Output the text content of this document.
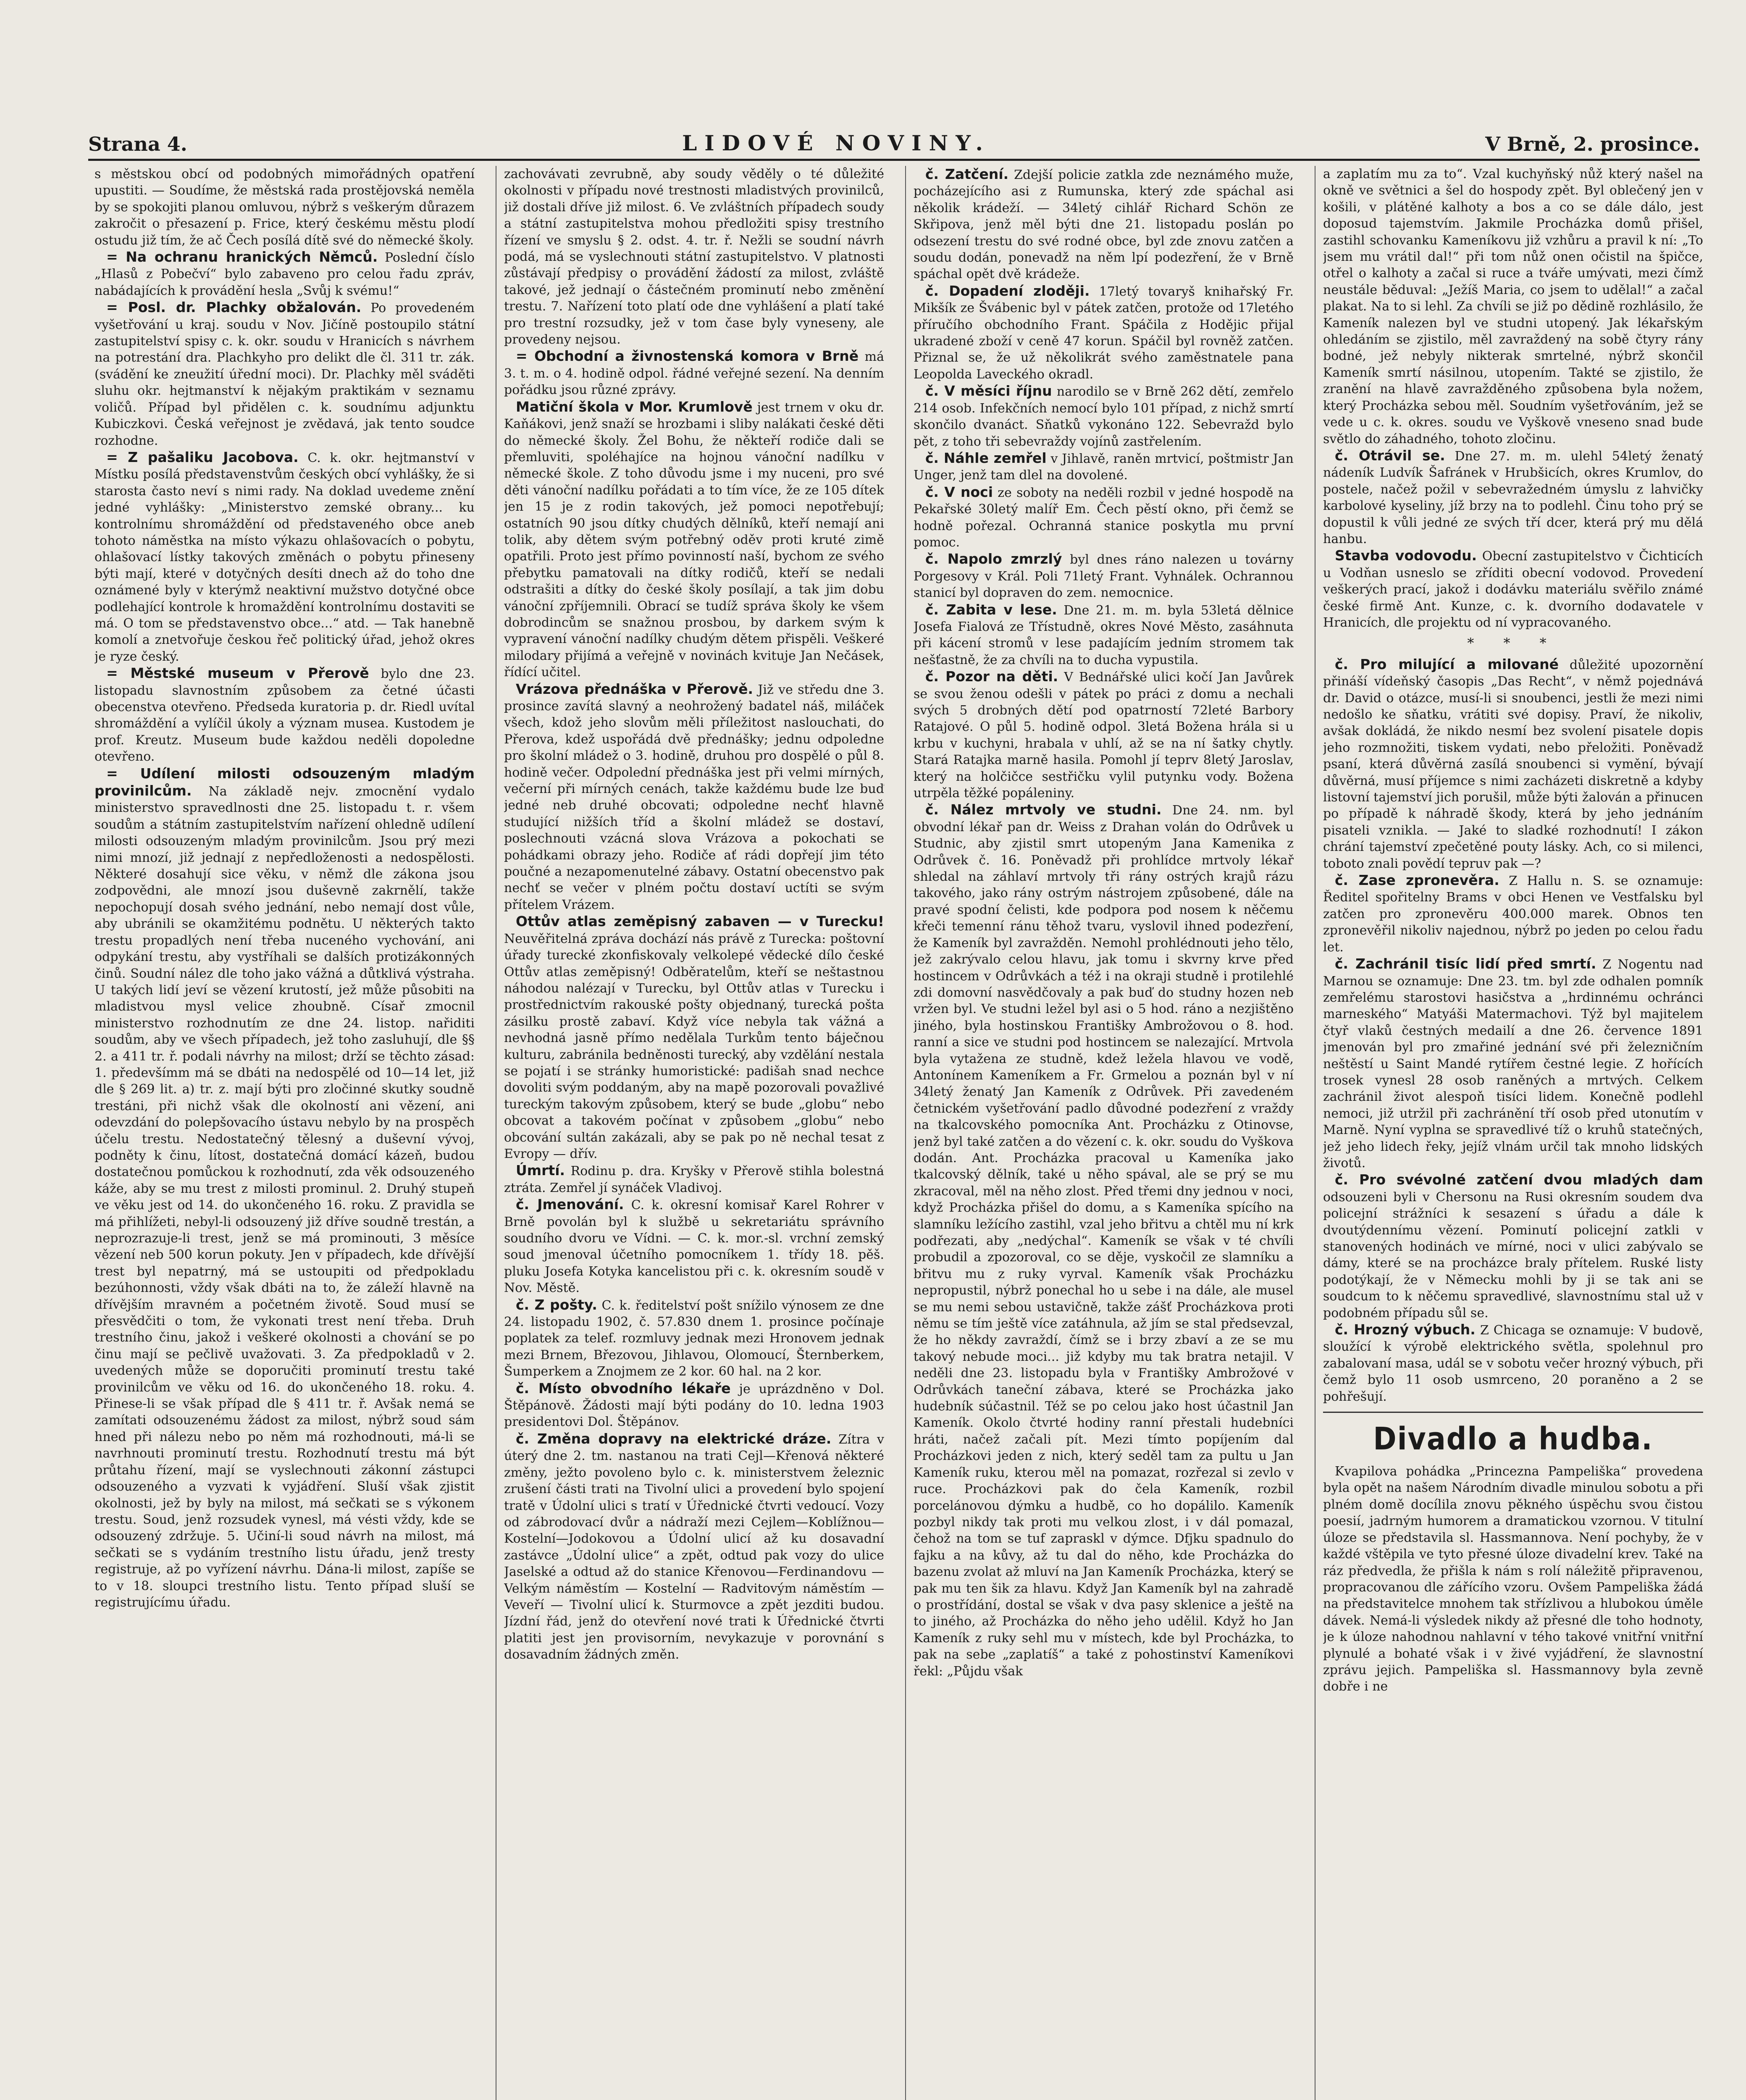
Strana 4.	LIDOVÉ NOVINY.	V Brně, 2. prosince.

s městskou obcí od podobných mimořádných opatření upustiti. — Soudíme, že městská rada prostějovská neměla by se spokojiti planou omluvou, nýbrž s veškerým důrazem zakročit o přesazení p. Frice, který českému městu plodí ostudu již tím, že ač Čech posílá dítě své do německé školy.

= Na ochranu hranických Němců. Poslední číslo „Hlasů z Pobečví“ bylo zabaveno pro celou řadu zpráv, nabádajících k provádění hesla „Svůj k svému!“

= Posl. dr. Plachky obžalován. Po provedeném vyšetřování u kraj. soudu v Nov. Jičíně postoupilo státní zastupitelství spisy c. k. okr. soudu v Hranicích s návrhem na potrestání dra. Plachkyho pro delikt dle čl. 311 tr. zák. (svádění ke zneužití úřední moci). Dr. Plachky měl sváděti sluhu okr. hejtmanství k nějakým praktikám v seznamu voličů. Případ byl přidělen c. k. soudnímu adjunktu Kubiczkovi. Česká veřejnost je zvědavá, jak tento soudce rozhodne.

= Z pašaliku Jacobova. C. k. okr. hejtmanství v Místku posílá představenstvům českých obcí vyhlášky, že si starosta často neví s nimi rady. Na doklad uvedeme znění jedné vyhlášky: „Ministerstvo zemské obrany... ku kontrolnímu shromáždění od představeného obce aneb tohoto náměstka na místo výkazu ohlašovacích o pobytu, ohlašovací lístky takových změnách o pobytu přineseny býti mají, které v dotyčných desíti dnech až do toho dne oznámené byly v kterýmž neaktivní mužstvo dotyčné obce podlehající kontrole k hromaždění kontrolnímu dostaviti se má. O tom se představenstvo obce...“ atd. — Tak hanebně komolí a znetvořuje českou řeč politický úřad, jehož okres je ryze český.

= Městské museum v Přerově bylo dne 23. listopadu slavnostním způsobem za četné účasti obecenstva otevřeno. Předseda kuratoria p. dr. Riedl uvítal shromáždění a vylíčil úkoly a význam musea. Kustodem je prof. Kreutz. Museum bude každou neděli dopoledne otevřeno.

= Udílení milosti odsouzeným mladým provinilcům. Na základě nejv. zmocnění vydalo ministerstvo spravedlnosti dne 25. listopadu t. r. všem soudům a státním zastupitelstvím nařízení ohledně udílení milosti odsouzeným mladým provinilcům. Jsou prý mezi nimi mnozí, již jednají z nepředloženosti a nedospělosti. Některé dosahují sice věku, v němž dle zákona jsou zodpovědni, ale mnozí jsou duševně zakrnělí, takže nepochopují dosah svého jednání, nebo nemají dost vůle, aby ubránili se okamžitému podnětu. U některých takto trestu propadlých není třeba nuceného vychování, ani odpykání trestu, aby vystříhali se dalších protizákonných činů. Soudní nález dle toho jako vážná a důtklivá výstraha. U takých lidí jeví se vězení krutostí, jež může působiti na mladistvou mysl velice zhoubně. Císař zmocnil ministerstvo rozhodnutím ze dne 24. listop. nařiditi soudům, aby ve všech případech, jež toho zasluhují, dle §§ 2. a 411 tr. ř. podali návrhy na milost; drží se těchto zásad: 1. předevšímm má se dbáti na nedospělé od 10—14 let, již dle § 269 lit. a) tr. z. mají býti pro zločinné skutky soudně trestáni, při nichž však dle okolností ani vězení, ani odevzdání do polepšovacího ústavu nebylo by na prospěch účelu trestu. Nedostatečný tělesný a duševní vývoj, podněty k činu, lítost, dostatečná domácí kázeň, budou dostatečnou pomůckou k rozhodnutí, zda věk odsouzeného káže, aby se mu trest z milosti prominul. 2. Druhý stupeň ve věku jest od 14. do ukončeného 16. roku. Z pravidla se má přihlížeti, nebyl-li odsouzený již dříve soudně trestán, a neprozrazuje-li trest, jenž se má prominouti, 3 měsíce vězení neb 500 korun pokuty. Jen v případech, kde dřívější trest byl nepatrný, má se ustoupiti od předpokladu bezúhonnosti, vždy však dbáti na to, že záleží hlavně na dřívějším mravném a početném životě. Soud musí se přesvědčiti o tom, že vykonati trest není třeba. Druh trestního činu, jakož i veškeré okolnosti a chování se po činu mají se pečlivě uvažovati. 3. Za předpokladů v 2. uvedených může se doporučiti prominutí trestu také provinilcům ve věku od 16. do ukončeného 18. roku. 4. Přinese-li se však případ dle § 411 tr. ř. Avšak nemá se zamítati odsouzenému žádost za milost, nýbrž soud sám hned při nálezu nebo po něm má rozhodnouti, má-li se navrhnouti prominutí trestu. Rozhodnutí trestu má být průtahu řízení, mají se vyslechnouti zákonní zástupci odsouzeného a vyzvati k vyjádření. Sluší však zjistit okolnosti, jež by byly na milost, má sečkati se s výkonem trestu. Soud, jenž rozsudek vynesl, má vésti vždy, kde se odsouzený zdržuje. 5. Učiní-li soud návrh na milost, má sečkati se s vydáním trestního listu úřadu, jenž tresty registruje, až po vyřízení návrhu. Dána-li milost, zapíše se to v 18. sloupci trestního listu. Tento případ sluší se registrujícímu úřadu.

zachovávati zevrubně, aby soudy věděly o té důležité okolnosti v případu nové trestnosti mladistvých provinilců, již dostali dříve již milost. 6. Ve zvláštních případech soudy a státní zastupitelstva mohou předložiti spisy trestního řízení ve smyslu § 2. odst. 4. tr. ř. Nežli se soudní návrh podá, má se vyslechnouti státní zastupitelstvo. V platnosti zůstávají předpisy o provádění žádostí za milost, zvláště takové, jež jednají o částečném prominutí nebo změnění trestu. 7. Nařízení toto platí ode dne vyhlášení a platí také pro trestní rozsudky, jež v tom čase byly vyneseny, ale provedeny nejsou.

= Obchodní a živnostenská komora v Brně má 3. t. m. o 4. hodině odpol. řádné veřejné sezení. Na denním pořádku jsou různé zprávy.

Matiční škola v Mor. Krumlově jest trnem v oku dr. Kaňákovi, jenž snaží se hrozbami i sliby nalákati české děti do německé školy. Žel Bohu, že někteří rodiče dali se přemluviti, spoléhajíce na hojnou vánoční nadílku v německé škole. Z toho důvodu jsme i my nuceni, pro své děti vánoční nadílku pořádati a to tím více, že ze 105 dítek jen 15 je z rodin takových, jež pomoci nepotřebují; ostatních 90 jsou dítky chudých dělníků, kteří nemají ani tolik, aby dětem svým potřebný oděv proti kruté zimě opatřili. Proto jest přímo povinností naší, bychom ze svého přebytku pamatovali na dítky rodičů, kteří se nedali odstrašiti a dítky do české školy posílají, a tak jim dobu vánoční zpříjemnili. Obrací se tudíž správa školy ke všem dobrodincům se snažnou prosbou, by darkem svým k vypravení vánoční nadílky chudým dětem přispěli. Veškeré milodary přijímá a veřejně v novinách kvituje Jan Nečásek, řídící učitel.

Vrázova přednáška v Přerově. Již ve středu dne 3. prosince zavítá slavný a neohrožený badatel náš, miláček všech, kdož jeho slovům měli příležitost naslouchati, do Přerova, kdež uspořádá dvě přednášky; jednu odpoledne pro školní mládež o 3. hodině, druhou pro dospělé o půl 8. hodině večer. Odpolední přednáška jest při velmi mírných, večerní při mírných cenách, takže každému bude lze buď jedné neb druhé obcovati; odpoledne nechť hlavně studující nižších tříd a školní mládež se dostaví, poslechnouti vzácná slova Vrázova a pokochati se pohádkami obrazy jeho. Rodiče ať rádi dopřejí jim této poučné a nezapomenutelné zábavy. Ostatní obecenstvo pak nechť se večer v plném počtu dostaví uctíti se svým přítelem Vrázem.

Ottův atlas zeměpisný zabaven — v Turecku! Neuvěřitelná zpráva dochází nás právě z Turecka: poštovní úřady turecké zkonfiskovaly velkolepé vědecké dílo české Ottův atlas zeměpisný! Odběratelům, kteří se neštastnou náhodou nalézají v Turecku, byl Ottův atlas v Turecku i prostřednictvím rakouské pošty objednaný, turecká pošta zásilku prostě zabaví. Když více nebyla tak vážná a nevhodná jasně přímo nedělala Turkům tento báječnou kulturu, zabránila bedněnosti turecký, aby vzdělání nestala se pojatí i se stránky humoristické: padišah snad nechce dovoliti svým poddaným, aby na mapě pozorovali považlivé tureckým takovým způsobem, který se bude „globu“ nebo obcovat a takovém počínat v způsobem „globu“ nebo obcování sultán zakázali, aby se pak po ně nechal tesat z Evropy — dřív.

Úmrtí. Rodinu p. dra. Kryšky v Přerově stihla bolestná ztráta. Zemřel jí synáček Vladivoj.

č. Jmenování. C. k. okresní komisař Karel Rohrer v Brně povolán byl k službě u sekretariátu správního soudního dvoru ve Vídni. — C. k. mor.-sl. vrchní zemský soud jmenoval účetního pomocníkem 1. třídy 18. pěš. pluku Josefa Kotyka kancelistou při c. k. okresním soudě v Nov. Městě.

č. Z pošty. C. k. ředitelství pošt snížilo výnosem ze dne 24. listopadu 1902, č. 57.830 dnem 1. prosince počínaje poplatek za telef. rozmluvy jednak mezi Hronovem jednak mezi Brnem, Březovou, Jihlavou, Olomoucí, Šternberkem, Šumperkem a Znojmem ze 2 kor. 60 hal. na 2 kor.

č. Místo obvodního lékaře je uprázdněno v Dol. Štěpánově. Žádosti mají býti podány do 10. ledna 1903 presidentovi Dol. Štěpánov.

č. Změna dopravy na elektrické dráze. Zítra v úterý dne 2. tm. nastanou na trati Cejl—Křenová některé změny, ježto povoleno bylo c. k. ministerstvem železnic zrušení části trati na Tivolní ulici a provedení bylo spojení tratě v Údolní ulici s tratí v Úřednické čtvrti vedoucí. Vozy od zábrodovací dvůr a nádraží mezi Cejlem—Koblížnou—Kostelní—Jodokovou a Údolní ulicí až ku dosavadní zastávce „Údolní ulice“ a zpět, odtud pak vozy do ulice Jaselské a odtud až do stanice Křenovou—Ferdinandovu — Velkým náměstím — Kostelní — Radvitovým náměstím — Veveří — Tivolní ulicí k. Sturmovce a zpět jezditi budou. Jízdní řád, jenž do otevření nové trati k Úřednické čtvrti platiti jest jen provisorním, nevykazuje v porovnání s dosavadním žádných změn.

č. Zatčení. Zdejší policie zatkla zde neznámého muže, pocházejícího asi z Rumunska, který zde spáchal asi několik krádeží. — 34letý cihlář Richard Schön ze Skřipova, jenž měl býti dne 21. listopadu poslán po odsezení trestu do své rodné obce, byl zde znovu zatčen a soudu dodán, ponevadž na něm lpí podezření, že v Brně spáchal opět dvě krádeže.

č. Dopadení zloději. 17letý tovaryš knihařský Fr. Mikšík ze Švábenic byl v pátek zatčen, protože od 17letého příručího obchodního Frant. Spáčila z Hodějic přijal ukradené zboží v ceně 47 korun. Spáčil byl rovněž zatčen. Přiznal se, že už několikrát svého zaměstnatele pana Leopolda Laveckého okradl.

č. V měsíci říjnu narodilo se v Brně 262 dětí, zemřelo 214 osob. Infekčních nemocí bylo 101 případ, z nichž smrtí skončilo dvanáct. Sňatků vykonáno 122. Sebevražd bylo pět, z toho tři sebevraždy vojínů zastřelením.

č. Náhle zemřel v Jihlavě, raněn mrtvicí, poštmistr Jan Unger, jenž tam dlel na dovolené.

č. V noci ze soboty na neděli rozbil v jedné hospodě na Pekařské 30letý malíř Em. Čech pěstí okno, při čemž se hodně pořezal. Ochranná stanice poskytla mu první pomoc.

č. Napolo zmrzlý byl dnes ráno nalezen u továrny Porgesovy v Král. Poli 71letý Frant. Vyhnálek. Ochrannou stanicí byl dopraven do zem. nemocnice.

č. Zabita v lese. Dne 21. m. m. byla 53letá dělnice Josefa Fialová ze Třístudně, okres Nové Město, zasáhnuta při kácení stromů v lese padajícím jedním stromem tak nešťastně, že za chvíli na to ducha vypustila.

č. Pozor na děti. V Bednářské ulici kočí Jan Javůrek se svou ženou odešli v pátek po práci z domu a nechali svých 5 drobných dětí pod opatrností 72leté Barbory Ratajové. O půl 5. hodině odpol. 3letá Božena hrála si u krbu v kuchyni, hrabala v uhlí, až se na ní šatky chytly. Stará Ratajka marně hasila. Pomohl jí teprv 8letý Jaroslav, který na holčičce sestřičku vylil putynku vody. Božena utrpěla těžké popáleniny.

č. Nález mrtvoly ve studni. Dne 24. nm. byl obvodní lékař pan dr. Weiss z Drahan volán do Odrůvek u Studnic, aby zjistil smrt utopeným Jana Kamenika z Odrůvek č. 16. Poněvadž při prohlídce mrtvoly lékař shledal na záhlaví mrtvoly tři rány ostrých krajů rázu takového, jako rány ostrým nástrojem způsobené, dále na pravé spodní čelisti, kde podpora pod nosem k něčemu křeči temenní ránu těhož tvaru, vyslovil ihned podezření, že Kameník byl zavražděn. Nemohl prohlédnouti jeho tělo, jež zakrývalo celou hlavu, jak tomu i skvrny krve před hostincem v Odrůvkách a též i na okraji studně i protilehlé zdi domovní nasvědčovaly a pak buď do studny hozen neb vržen byl. Ve studni ležel byl asi o 5 hod. ráno a nezjištěno jiného, byla hostinskou Františky Ambrožovou o 8. hod. ranní a sice ve studni pod hostincem se nalezající. Mrtvola byla vytažena ze studně, kdež ležela hlavou ve vodě, Antonínem Kameníkem a Fr. Grmelou a poznán byl v ní 34letý ženatý Jan Kameník z Odrůvek. Při zavedeném četnickém vyšetřování padlo důvodné podezření z vraždy na tkalcovského pomocníka Ant. Procházku z Otinovse, jenž byl také zatčen a do vězení c. k. okr. soudu do Vyškova dodán. Ant. Procházka pracoval u Kameníka jako tkalcovský dělník, také u něho spával, ale se prý se mu zkracoval, měl na něho zlost. Před třemi dny jednou v noci, když Procházka přišel do domu, a s Kameníka spícího na slamníku ležícího zastihl, vzal jeho břitvu a chtěl mu ní krk podřezati, aby „nedýchal“. Kameník se však v té chvíli probudil a zpozoroval, co se děje, vyskočil ze slamníku a břitvu mu z ruky vyrval. Kameník však Procházku nepropustil, nýbrž ponechal ho u sebe i na dále, ale musel se mu nemi sebou ustavičně, takže zášť Procházkova proti němu se tím ještě více zatáhnula, až jím se stal předsevzal, že ho někdy zavraždí, čímž se i brzy zbaví a ze se mu takový nebude moci... již kdyby mu tak bratra netajil. V neděli dne 23. listopadu byla v Františky Ambrožové v Odrůvkách taneční zábava, které se Procházka jako hudebník súčastnil. Též se po celou jako host účastnil Jan Kameník. Okolo čtvrté hodiny ranní přestali hudebníci hráti, načež začali pít. Mezi tímto popíjením dal Procházkovi jeden z nich, který seděl tam za pultu u Jan Kameník ruku, kterou měl na pomazat, rozřezal si zevlo v ruce. Procházkovi pak do čela Kameník, rozbil porcelánovou dýmku a hudbě, co ho dopálilo. Kameník pozbyl nikdy tak proti mu velkou zlost, i v dál pomazal, čehož na tom se tuf zapraskl v dýmce. Dfjku spadnulo do fajku a na kůvy, až tu dal do něho, kde Procházka do bazenu zvolat až mluví na Jan Kameník Procházka, který se pak mu ten šik za hlavu. Když Jan Kameník byl na zahradě o prostřídání, dostal se však v dva pasy sklenice a ještě na to jiného, až Procházka do něho jeho udělil. Když ho Jan Kameník z ruky sehl mu v místech, kde byl Procházka, to pak na sebe „zaplatíš“ a také z pohostinství Kameníkovi řekl: „Půjdu však

a zaplatím mu za to“. Vzal kuchyňský nůž který našel na okně ve světnici a šel do hospody zpět. Byl oblečený jen v košili, v plátěné kalhoty a bos a co se dále dálo, jest doposud tajemstvím. Jakmile Procházka domů přišel, zastihl schovanku Kameníkovu již vzhůru a pravil k ní: „To jsem mu vrátil dal!“ při tom nůž onen očistil na špičce, otřel o kalhoty a začal si ruce a tváře umývati, mezi čímž neustále běduval: „Ježíš Maria, co jsem to udělal!“ a začal plakat. Na to si lehl. Za chvíli se již po dědině rozhlásilo, že Kameník nalezen byl ve studni utopený. Jak lékařským ohledáním se zjistilo, měl zavraždený na sobě čtyry rány bodné, jež nebyly nikterak smrtelné, nýbrž skončil Kameník smrtí násilnou, utopením. Takté se zjistilo, že zranění na hlavě zavražděného způsobena byla nožem, který Procházka sebou měl. Soudním vyšetřováním, jež se vede u c. k. okres. soudu ve Vyškově vneseno snad bude světlo do záhadného, tohoto zločinu.

č. Otrávil se. Dne 27. m. m. ulehl 54letý ženatý nádeník Ludvík Šafránek v Hrubšicích, okres Krumlov, do postele, načež požil v sebevražedném úmyslu z lahvičky karbolové kyseliny, jíž brzy na to podlehl. Činu toho prý se dopustil k vůli jedné ze svých tří dcer, která prý mu dělá hanbu.

Stavba vodovodu. Obecní zastupitelstvo v Čichticích u Vodňan usneslo se zříditi obecní vodovod. Provedení veškerých prací, jakož i dodávku materiálu svěřilo známé české firmě Ant. Kunze, c. k. dvorního dodavatele v Hranicích, dle projektu od ní vypracovaného.

* * *

č. Pro milující a milované důležité upozornění přináší vídeňský časopis „Das Recht“, v němž pojednává dr. David o otázce, musí-li si snoubenci, jestli že mezi nimi nedošlo ke sňatku, vrátiti své dopisy. Praví, že nikoliv, avšak dokládá, že nikdo nesmí bez svolení pisatele dopis jeho rozmnožiti, tiskem vydati, nebo přeložiti. Poněvadž psaní, která důvěrná zasílá snoubenci si vymění, bývají důvěrná, musí příjemce s nimi zacházeti diskretně a kdyby listovní tajemství jich porušil, může býti žalován a přinucen po případě k náhradě škody, která by jeho jednáním pisateli vznikla. — Jaké to sladké rozhodnutí! I zákon chrání tajemství zpečetěné pouty lásky. Ach, co si milenci, toboto znali povědí tepruv pak —?

č. Zase zpronevěra. Z Hallu n. S. se oznamuje: Ředitel spořitelny Brams v obci Henen ve Vestfalsku byl zatčen pro zpronevěru 400.000 marek. Obnos ten zpronevěřil nikoliv najednou, nýbrž po jeden po celou řadu let.

č. Zachránil tisíc lidí před smrtí. Z Nogentu nad Marnou se oznamuje: Dne 23. tm. byl zde odhalen pomník zemřelému starostovi hasičstva a „hrdinnému ochránci marneského“ Matyáši Matermachovi. Týž byl majitelem čtyř vlaků čestných medailí a dne 26. července 1891 jmenován byl pro zmařiné jednání své při železničním neštěstí u Saint Mandé rytířem čestné legie. Z hořících trosek vynesl 28 osob raněných a mrtvých. Celkem zachránil život alespoň tisíci lidem. Konečně podlehl nemoci, již utržil při zachránění tří osob před utonutím v Marně. Nyní vyplna se spravedlivé tíž o kruhů statečných, jež jeho lidech řeky, jejíž vlnám určil tak mnoho lidských životů.

č. Pro svévolné zatčení dvou mladých dam odsouzeni byli v Chersonu na Rusi okresním soudem dva policejní strážníci k sesazení s úřadu a dále k dvoutýdennímu vězení. Pominutí policejní zatkli v stanovených hodinách ve mírné, noci v ulici zabývalo se dámy, které se na procházce braly přítelem. Ruské listy podotýkají, že v Německu mohli by ji se tak ani se soudcum to k něčemu spravedlivé, slavnostnímu stal už v podobném případu sůl se.

č. Hrozný výbuch. Z Chicaga se oznamuje: V budově, sloužící k výrobě elektrického světla, spolehnul pro zabalovaní masa, udál se v sobotu večer hrozný výbuch, při čemž bylo 11 osob usmrceno, 20 poraněno a 2 se pohřešují.

Divadlo a hudba.

Kvapilova pohádka „Princezna Pampeliška“ provedena byla opět na našem Národním divadle minulou sobotu a při plném domě docílila znovu pěkného úspěchu svou čistou poesií, jadrným humorem a dramatickou vzornou. V titulní úloze se představila sl. Hassmannova. Není pochyby, že v každé vštěpila ve tyto přesné úloze divadelní krev. Také na ráz předvedla, že přišla k nám s rolí náležitě připravenou, propracovanou dle zářícího vzoru. Ovšem Pampeliška žádá na představitelce mnohem tak střízlivou a hlubokou úměle dávek. Nemá-li výsledek nikdy až přesné dle toho hodnoty, je k úloze nahodnou nahlavní v tého takové vnitřní vnitřní plynulé a bohaté však i v živé vyjádření, že slavnostní zprávu jejich. Pampeliška sl. Hassmannovy byla zevně dobře i ne
